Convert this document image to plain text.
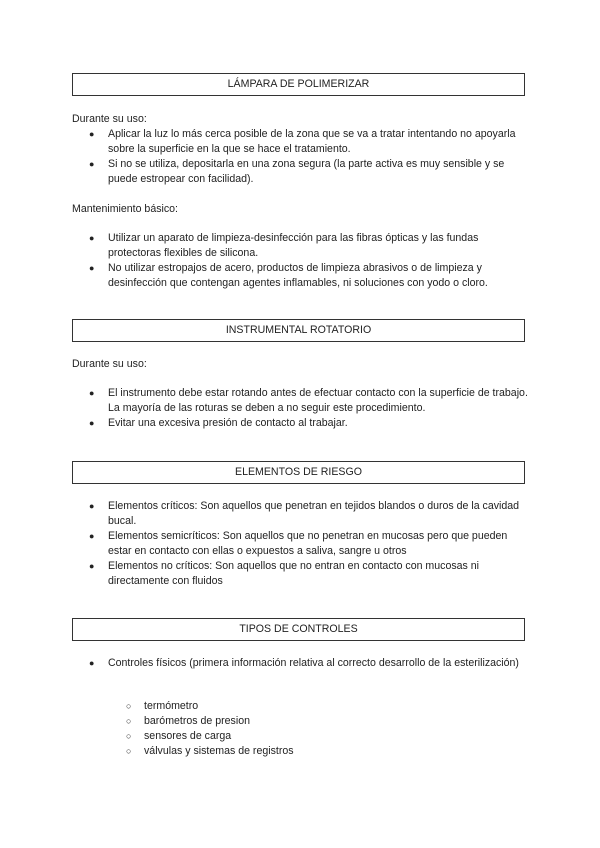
LÁMPARA DE POLIMERIZAR

Durante su uso:

● Aplicar la luz lo más cerca posible de la zona que se va a tratar intentando no apoyarla sobre la superficie en la que se hace el tratamiento.
● Si no se utiliza, depositarla en una zona segura (la parte activa es muy sensible y se puede estropear con facilidad).

Mantenimiento básico:

● Utilizar un aparato de limpieza-desinfección para las fibras ópticas y las fundas protectoras flexibles de silicona.
● No utilizar estropajos de acero, productos de limpieza abrasivos o de limpieza y desinfección que contengan agentes inflamables, ni soluciones con yodo o cloro.
INSTRUMENTAL ROTATORIO

Durante su uso:

● El instrumento debe estar rotando antes de efectuar contacto con la superficie de trabajo. La mayoría de las roturas se deben a no seguir este procedimiento.
● Evitar una excesiva presión de contacto al trabajar.
ELEMENTOS DE RIESGO
● Elementos críticos: Son aquellos que penetran en tejidos blandos o duros de la cavidad bucal.
● Elementos semicríticos: Son aquellos que no penetran en mucosas pero que pueden estar en contacto con ellas o expuestos a saliva, sangre u otros
● Elementos no críticos: Son aquellos que no entran en contacto con mucosas ni directamente con fluidos
TIPOS DE CONTROLES
● Controles físicos (primera información relativa al correcto desarrollo de la esterilización)
○ termómetro
○ barómetros de presion
○ sensores de carga
○ válvulas y sistemas de registros
